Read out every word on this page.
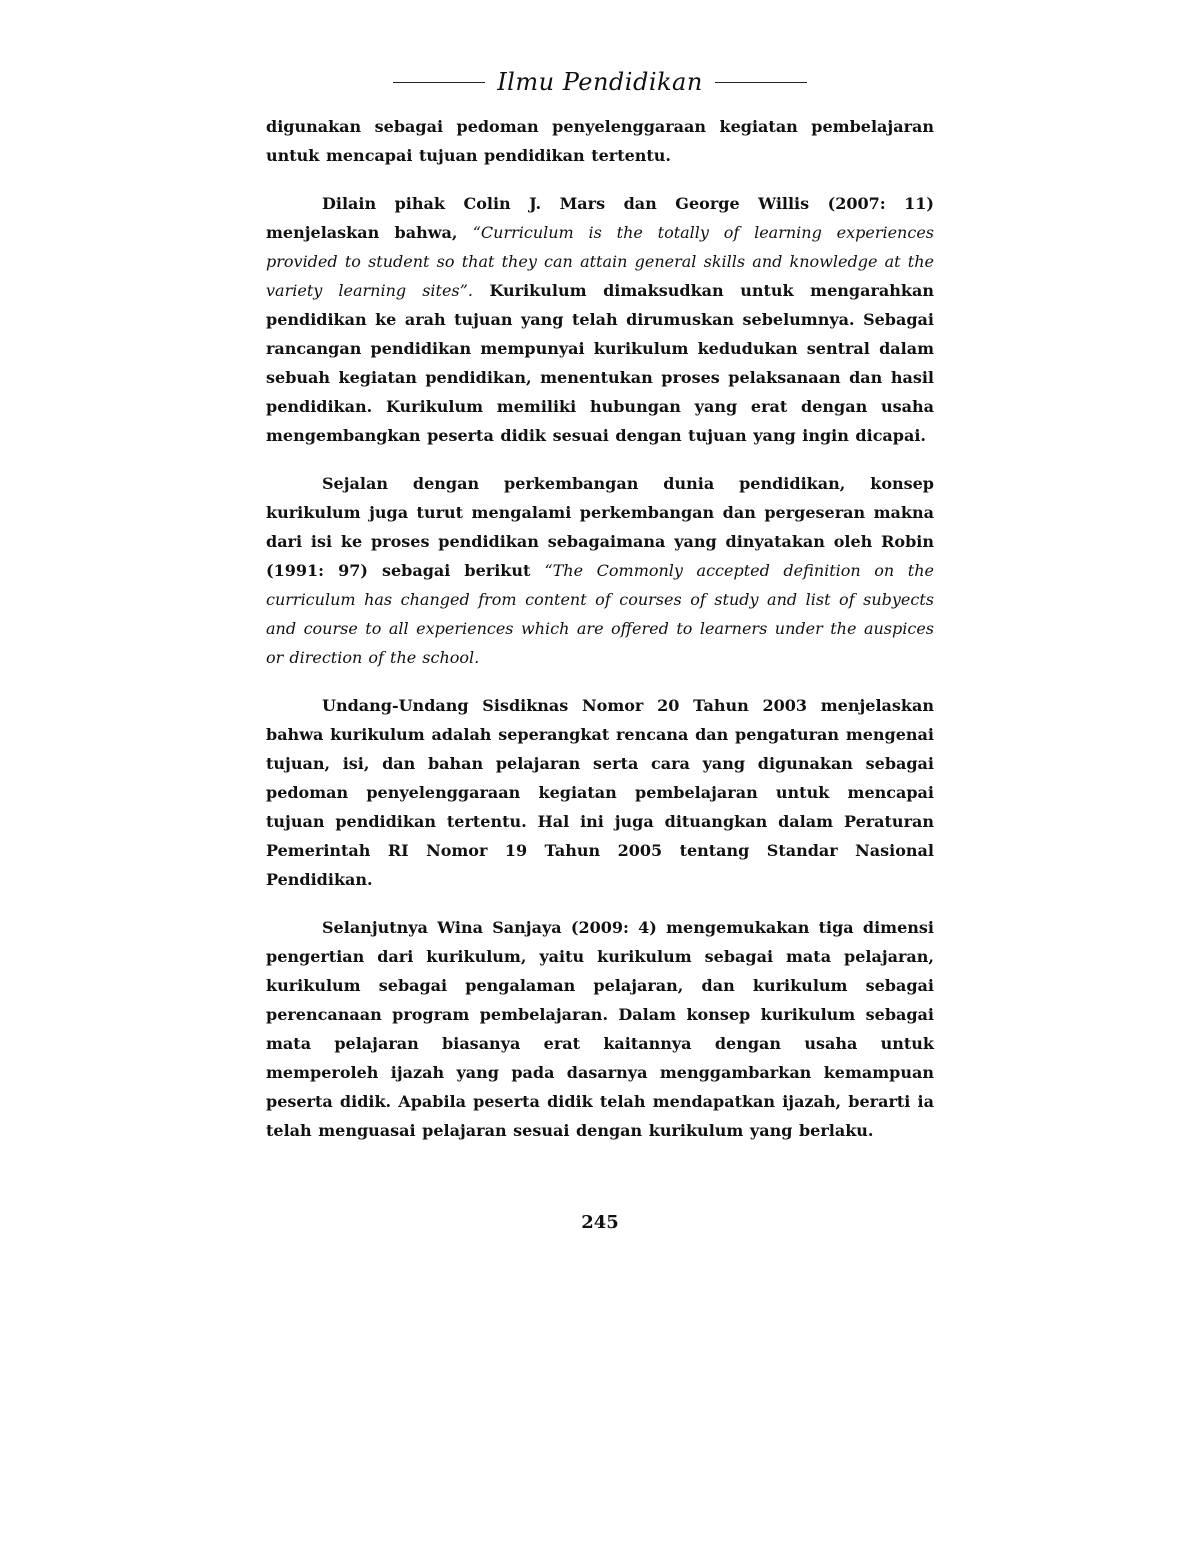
Ilmu Pendidikan

digunakan sebagai pedoman penyelenggaraan kegiatan pembelajaran untuk mencapai tujuan pendidikan tertentu.

Dilain pihak Colin J. Mars dan George Willis (2007: 11) menjelaskan bahwa, “Curriculum is the totally of learning experiences provided to student so that they can attain general skills and knowledge at the variety learning sites”. Kurikulum dimaksudkan untuk mengarahkan pendidikan ke arah tujuan yang telah dirumuskan sebelumnya. Sebagai rancangan pendidikan mempunyai kurikulum kedudukan sentral dalam sebuah kegiatan pendidikan, menentukan proses pelaksanaan dan hasil pendidikan. Kurikulum memiliki hubungan yang erat dengan usaha mengembangkan peserta didik sesuai dengan tujuan yang ingin dicapai.

Sejalan dengan perkembangan dunia pendidikan, konsep kurikulum juga turut mengalami perkembangan dan pergeseran makna dari isi ke proses pendidikan sebagaimana yang dinyatakan oleh Robin (1991: 97) sebagai berikut “The Commonly accepted definition on the curriculum has changed from content of courses of study and list of subyects and course to all experiences which are offered to learners under the auspices or direction of the school.

Undang-Undang Sisdiknas Nomor 20 Tahun 2003 menjelaskan bahwa kurikulum adalah seperangkat rencana dan pengaturan mengenai tujuan, isi, dan bahan pelajaran serta cara yang digunakan sebagai pedoman penyelenggaraan kegiatan pembelajaran untuk mencapai tujuan pendidikan tertentu. Hal ini juga dituangkan dalam Peraturan Pemerintah RI Nomor 19 Tahun 2005 tentang Standar Nasional Pendidikan.

Selanjutnya Wina Sanjaya (2009: 4) mengemukakan tiga dimensi pengertian dari kurikulum, yaitu kurikulum sebagai mata pelajaran, kurikulum sebagai pengalaman pelajaran, dan kurikulum sebagai perencanaan program pembelajaran. Dalam konsep kurikulum sebagai mata pelajaran biasanya erat kaitannya dengan usaha untuk memperoleh ijazah yang pada dasarnya menggambarkan kemampuan peserta didik. Apabila peserta didik telah mendapatkan ijazah, berarti ia telah menguasai pelajaran sesuai dengan kurikulum yang berlaku.

245
